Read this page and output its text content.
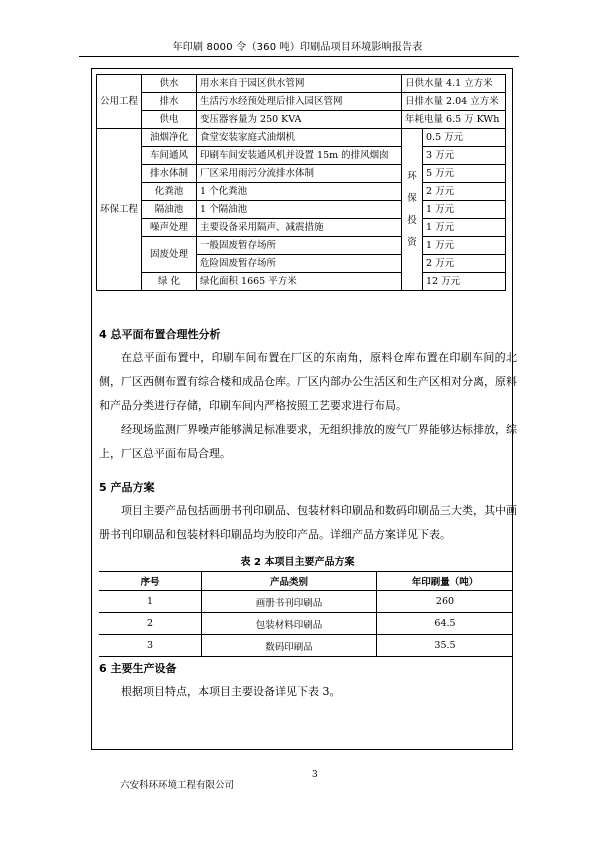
年印刷 8000 令（360 吨）印刷品项目环境影响报告表
公用工程	供水	用水来自于园区供水管网	日供水量 4.1 立方米	
	排水	生活污水经预处理后排入园区管网	日排水量 2.04 立方米	
	供电	变压器容量为 250 KVA	年耗电量 6.5 万 KWh	
环保工程	油烟净化	食堂安装家庭式油烟机	环保投资	0.5 万元
	车间通风	印刷车间安装通风机并设置 15m 的排风烟囱		3 万元
	排水体制	厂区采用雨污分流排水体制		5 万元
	化粪池	1 个化粪池		2 万元
	隔油池	1 个隔油池		1 万元
	噪声处理	主要设备采用隔声、减震措施		1 万元
	固废处理	一般固废暂存场所		1 万元
		危险固废暂存场所		2 万元
	绿 化	绿化面积 1665 平方米		12 万元
4 总平面布置合理性分析

在总平面布置中，印刷车间布置在厂区的东南角，原料仓库布置在印刷车间的北侧，厂区西侧布置有综合楼和成品仓库。厂区内部办公生活区和生产区相对分离，原料和产品分类进行存储，印刷车间内严格按照工艺要求进行布局。

经现场监测厂界噪声能够满足标准要求，无组织排放的废气厂界能够达标排放，综上，厂区总平面布局合理。

5 产品方案

项目主要产品包括画册书刊印刷品、包装材料印刷品和数码印刷品三大类，其中画册书刊印刷品和包装材料印刷品均为胶印产品。详细产品方案详见下表。

表 2 本项目主要产品方案
序号	产品类别	年印刷量（吨）
1	画册书刊印刷品	260
2	包装材料印刷品	64.5
3	数码印刷品	35.5
6 主要生产设备

根据项目特点，本项目主要设备详见下表 3。

3
六安科环环境工程有限公司
